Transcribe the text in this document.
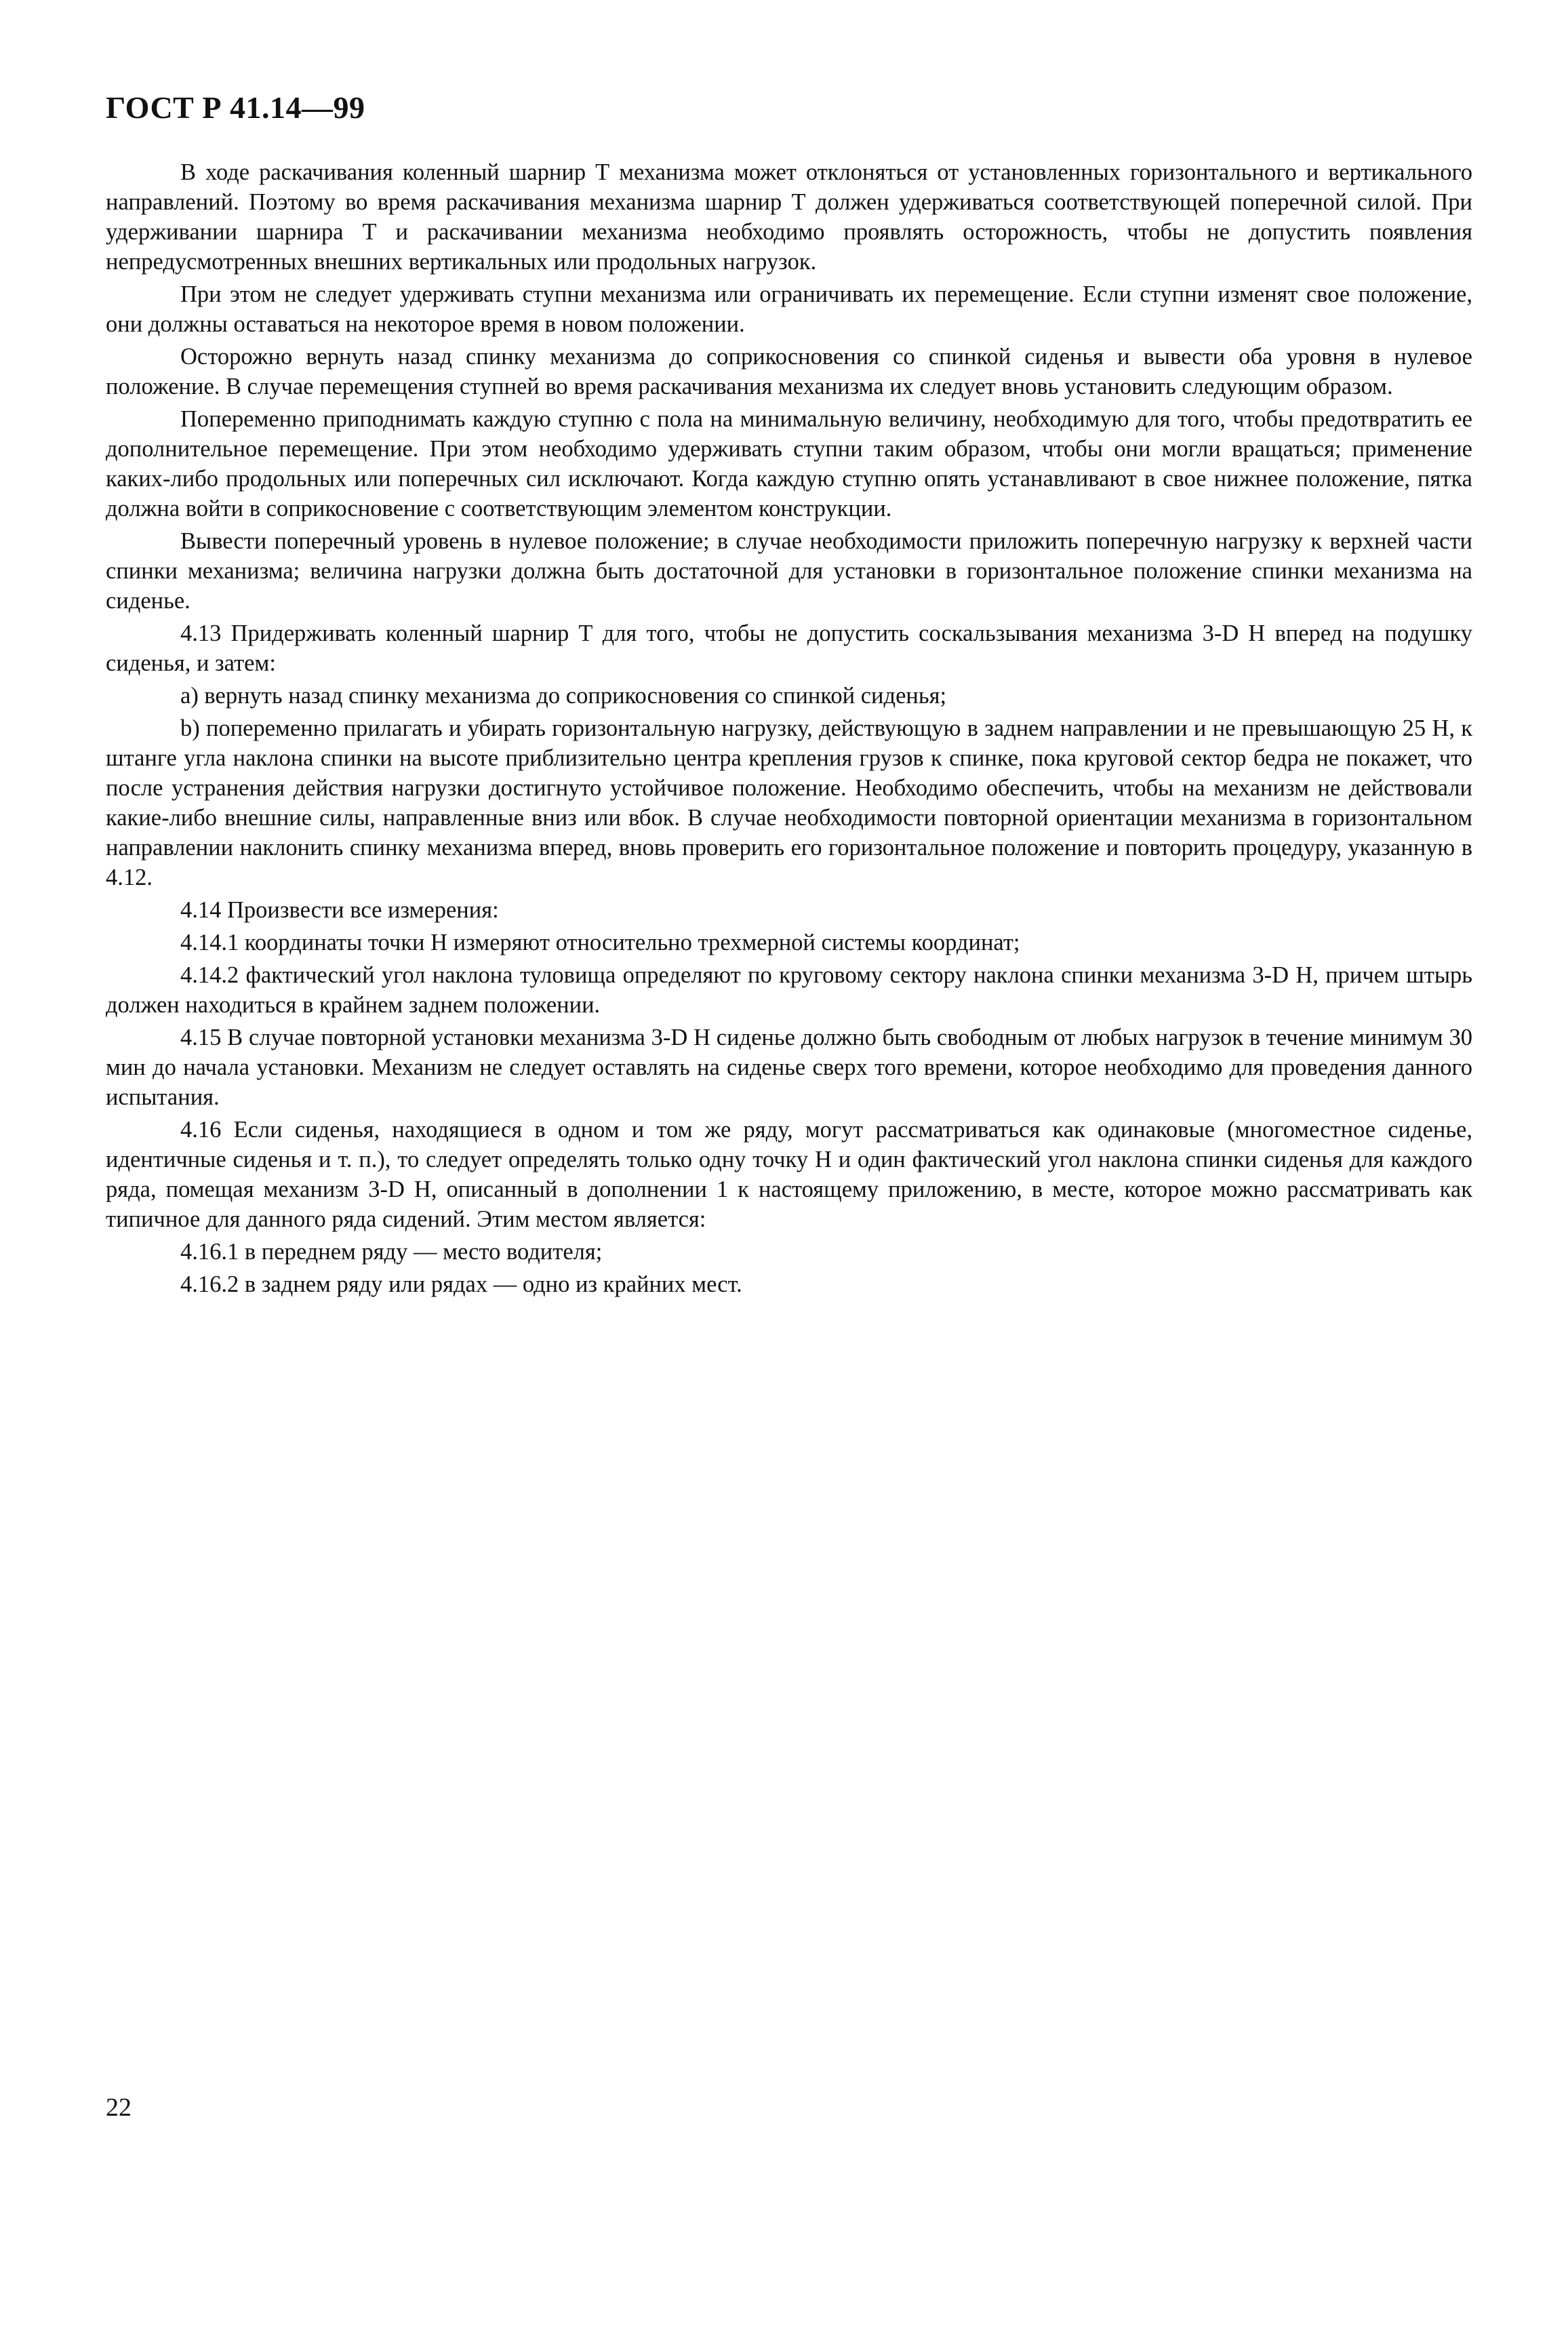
ГОСТ Р 41.14—99

В ходе раскачивания коленный шарнир Т механизма может отклоняться от установленных горизонтального и вертикального направлений. Поэтому во время раскачивания механизма шарнир Т должен удерживаться соответствующей поперечной силой. При удерживании шарнира Т и раскачивании механизма необходимо проявлять осторожность, чтобы не допустить появления непредусмотренных внешних вертикальных или продольных нагрузок.

При этом не следует удерживать ступни механизма или ограничивать их перемещение. Если ступни изменят свое положение, они должны оставаться на некоторое время в новом положении.

Осторожно вернуть назад спинку механизма до соприкосновения со спинкой сиденья и вывести оба уровня в нулевое положение. В случае перемещения ступней во время раскачивания механизма их следует вновь установить следующим образом.

Попеременно приподнимать каждую ступню с пола на минимальную величину, необходимую для того, чтобы предотвратить ее дополнительное перемещение. При этом необходимо удерживать ступни таким образом, чтобы они могли вращаться; применение каких-либо продольных или поперечных сил исключают. Когда каждую ступню опять устанавливают в свое нижнее положение, пятка должна войти в соприкосновение с соответствующим элементом конструкции.

Вывести поперечный уровень в нулевое положение; в случае необходимости приложить поперечную нагрузку к верхней части спинки механизма; величина нагрузки должна быть достаточной для установки в горизонтальное положение спинки механизма на сиденье.

4.13 Придерживать коленный шарнир Т для того, чтобы не допустить соскальзывания механизма 3-D H вперед на подушку сиденья, и затем:

а) вернуть назад спинку механизма до соприкосновения со спинкой сиденья;

b) попеременно прилагать и убирать горизонтальную нагрузку, действующую в заднем направлении и не превышающую 25 Н, к штанге угла наклона спинки на высоте приблизительно центра крепления грузов к спинке, пока круговой сектор бедра не покажет, что после устранения действия нагрузки достигнуто устойчивое положение. Необходимо обеспечить, чтобы на механизм не действовали какие-либо внешние силы, направленные вниз или вбок. В случае необходимости повторной ориентации механизма в горизонтальном направлении наклонить спинку механизма вперед, вновь проверить его горизонтальное положение и повторить процедуру, указанную в 4.12.

4.14 Произвести все измерения:

4.14.1 координаты точки Н измеряют относительно трехмерной системы координат;

4.14.2 фактический угол наклона туловища определяют по круговому сектору наклона спинки механизма 3-D H, причем штырь должен находиться в крайнем заднем положении.

4.15 В случае повторной установки механизма 3-D H сиденье должно быть свободным от любых нагрузок в течение минимум 30 мин до начала установки. Механизм не следует оставлять на сиденье сверх того времени, которое необходимо для проведения данного испытания.

4.16 Если сиденья, находящиеся в одном и том же ряду, могут рассматриваться как одинаковые (многоместное сиденье, идентичные сиденья и т. п.), то следует определять только одну точку Н и один фактический угол наклона спинки сиденья для каждого ряда, помещая механизм 3-D H, описанный в дополнении 1 к настоящему приложению, в месте, которое можно рассматривать как типичное для данного ряда сидений. Этим местом является:

4.16.1 в переднем ряду — место водителя;

4.16.2 в заднем ряду или рядах — одно из крайних мест.

22
